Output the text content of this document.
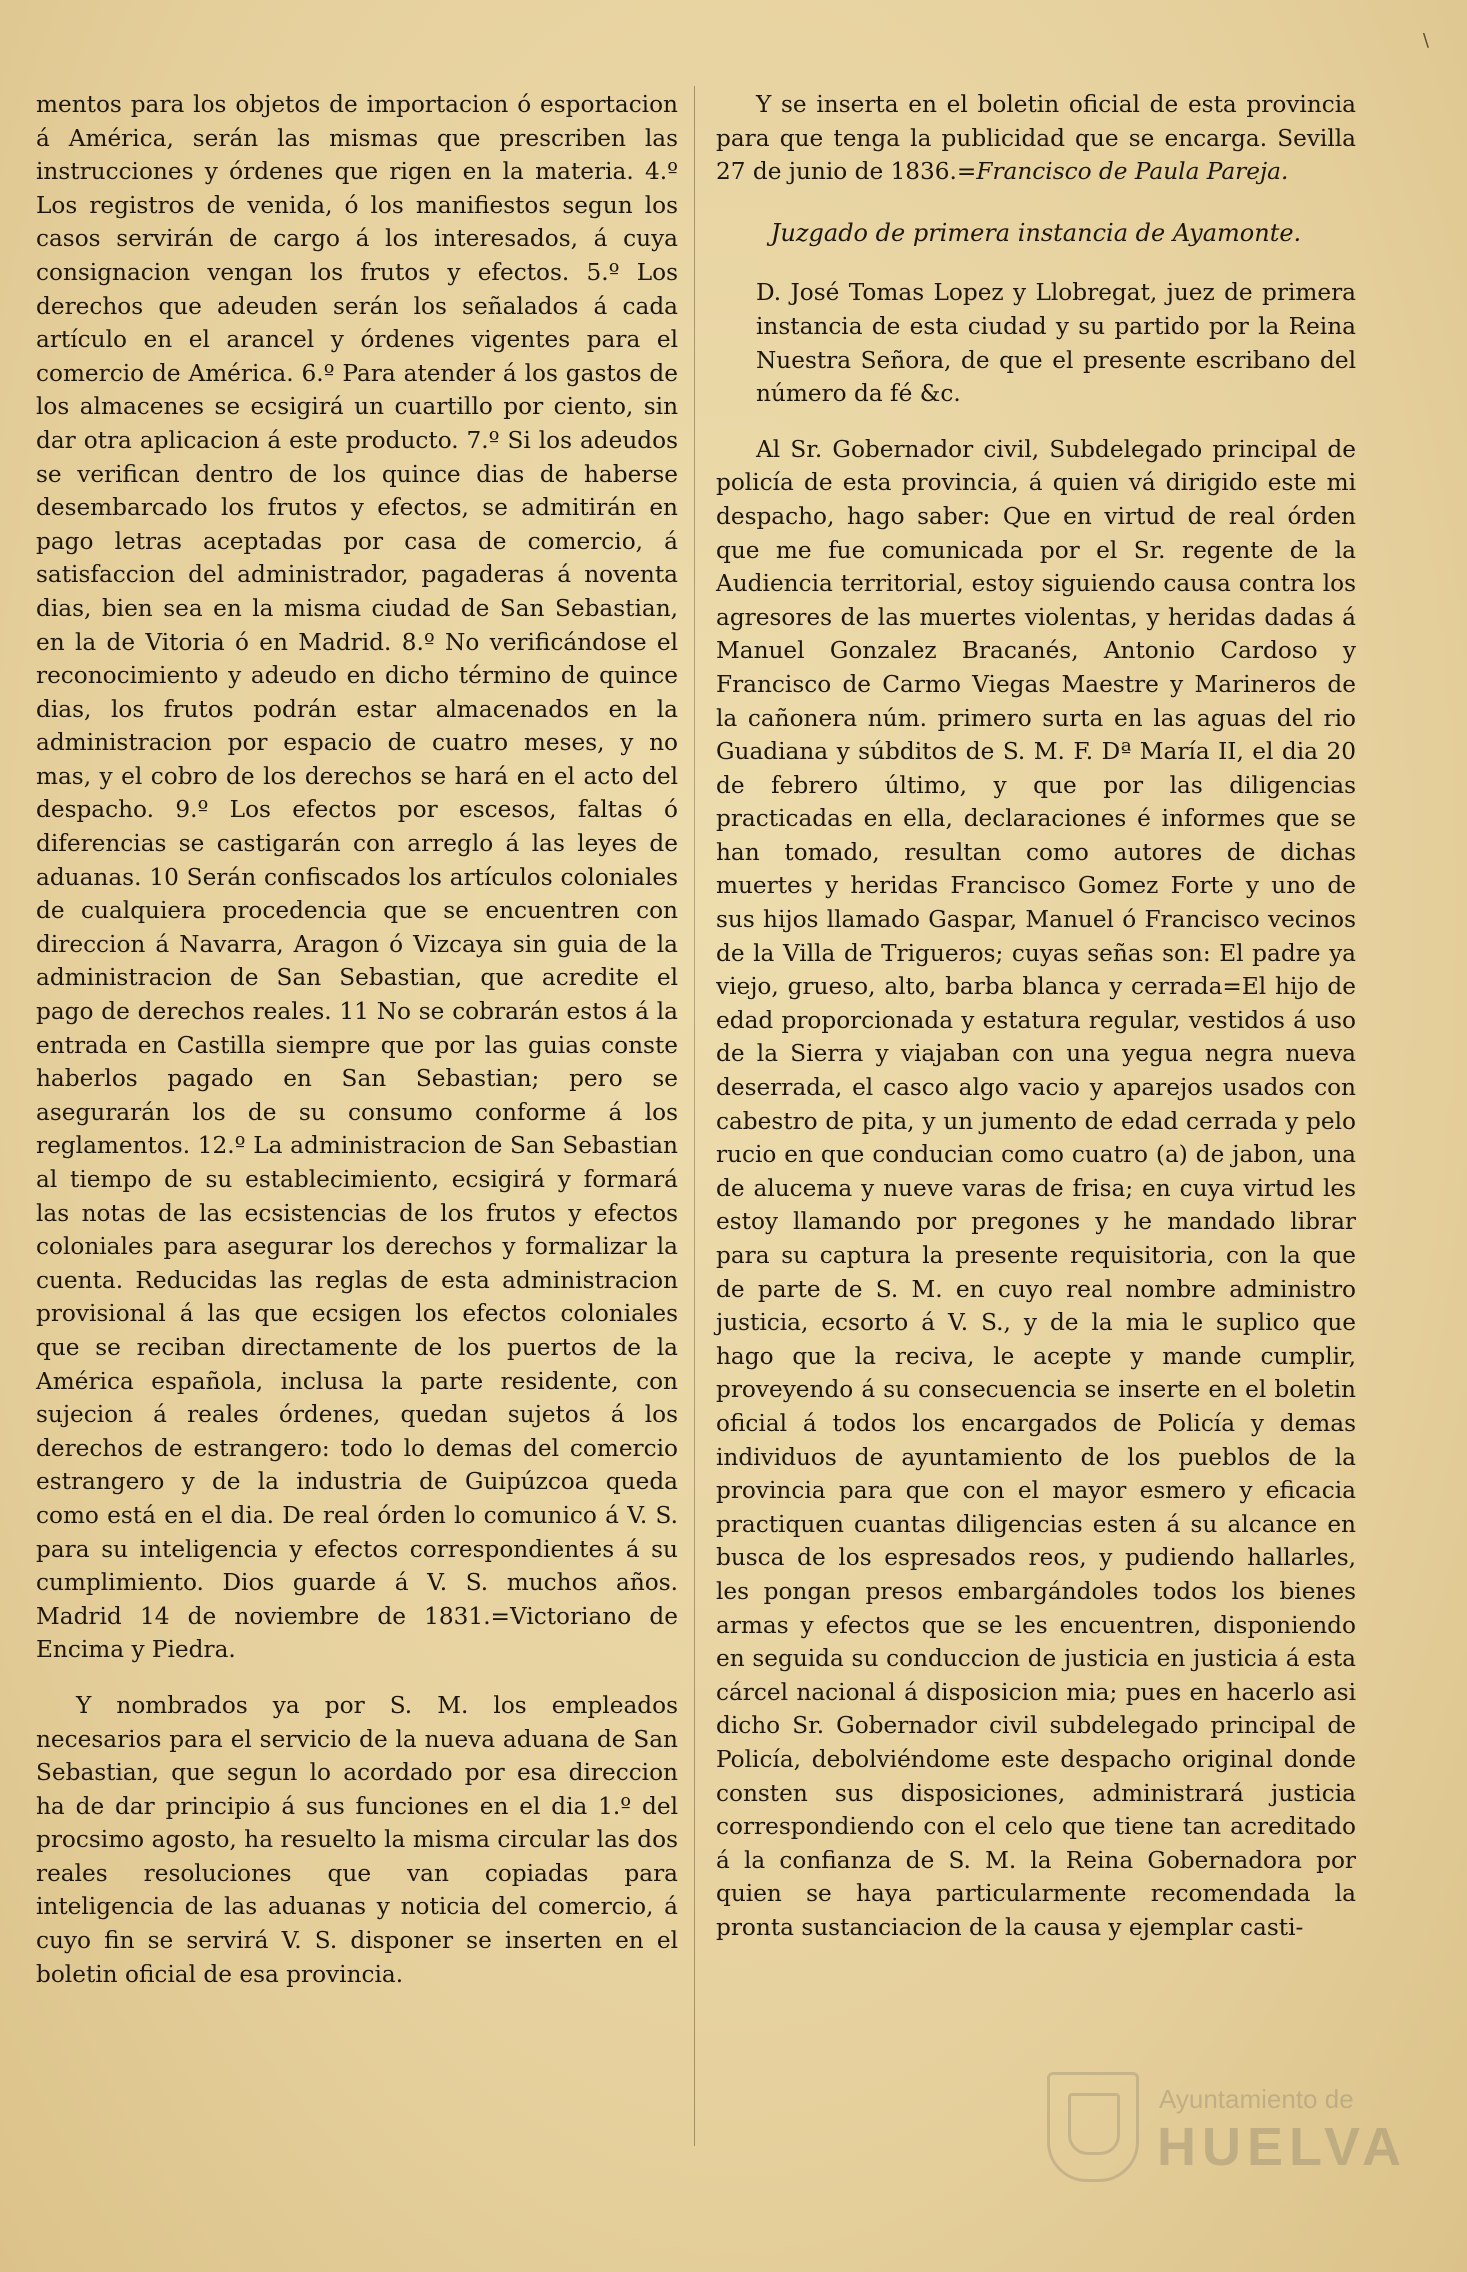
\

mentos para los objetos de importacion ó esportacion á América, serán las mismas que prescriben las instrucciones y órdenes que rigen en la materia. 4.º Los registros de venida, ó los manifiestos segun los casos servirán de cargo á los interesados, á cuya consignacion vengan los frutos y efectos. 5.º Los derechos que adeuden serán los señalados á cada artículo en el arancel y órdenes vigentes para el comercio de América. 6.º Para atender á los gastos de los almacenes se ecsigirá un cuartillo por ciento, sin dar otra aplicacion á este producto. 7.º Si los adeudos se verifican dentro de los quince dias de haberse desembarcado los frutos y efectos, se admitirán en pago letras aceptadas por casa de comercio, á satisfaccion del administrador, pagaderas á noventa dias, bien sea en la misma ciudad de San Sebastian, en la de Vitoria ó en Madrid. 8.º No verificándose el reconocimiento y adeudo en dicho término de quince dias, los frutos podrán estar almacenados en la administracion por espacio de cuatro meses, y no mas, y el cobro de los derechos se hará en el acto del despacho. 9.º Los efectos por escesos, faltas ó diferencias se castigarán con arreglo á las leyes de aduanas. 10 Serán confiscados los artículos coloniales de cualquiera procedencia que se encuentren con direccion á Navarra, Aragon ó Vizcaya sin guia de la administracion de San Sebastian, que acredite el pago de derechos reales. 11 No se cobrarán estos á la entrada en Castilla siempre que por las guias conste haberlos pagado en San Sebastian; pero se asegurarán los de su consumo conforme á los reglamentos. 12.º La administracion de San Sebastian al tiempo de su establecimiento, ecsigirá y formará las notas de las ecsistencias de los frutos y efectos coloniales para asegurar los derechos y formalizar la cuenta. Reducidas las reglas de esta administracion provisional á las que ecsigen los efectos coloniales que se reciban directamente de los puertos de la América española, inclusa la parte residente, con sujecion á reales órdenes, quedan sujetos á los derechos de estrangero: todo lo demas del comercio estrangero y de la industria de Guipúzcoa queda como está en el dia. De real órden lo comunico á V. S. para su inteligencia y efectos correspondientes á su cumplimiento. Dios guarde á V. S. muchos años. Madrid 14 de noviembre de 1831.=Victoriano de Encima y Piedra.

Y nombrados ya por S. M. los empleados necesarios para el servicio de la nueva aduana de San Sebastian, que segun lo acordado por esa direccion ha de dar principio á sus funciones en el dia 1.º del procsimo agosto, ha resuelto la misma circular las dos reales resoluciones que van copiadas para inteligencia de las aduanas y noticia del comercio, á cuyo fin se servirá V. S. disponer se inserten en el boletin oficial de esa provincia.

Y se inserta en el boletin oficial de esta provincia para que tenga la publicidad que se encarga. Sevilla 27 de junio de 1836.=Francisco de Paula Pareja.

Juzgado de primera instancia de Ayamonte.

D. José Tomas Lopez y Llobregat, juez de primera instancia de esta ciudad y su partido por la Reina Nuestra Señora, de que el presente escribano del número da fé &c.

Al Sr. Gobernador civil, Subdelegado principal de policía de esta provincia, á quien vá dirigido este mi despacho, hago saber: Que en virtud de real órden que me fue comunicada por el Sr. regente de la Audiencia territorial, estoy siguiendo causa contra los agresores de las muertes violentas, y heridas dadas á Manuel Gonzalez Bracanés, Antonio Cardoso y Francisco de Carmo Viegas Maestre y Marineros de la cañonera núm. primero surta en las aguas del rio Guadiana y súbditos de S. M. F. Dª María II, el dia 20 de febrero último, y que por las diligencias practicadas en ella, declaraciones é informes que se han tomado, resultan como autores de dichas muertes y heridas Francisco Gomez Forte y uno de sus hijos llamado Gaspar, Manuel ó Francisco vecinos de la Villa de Trigueros; cuyas señas son: El padre ya viejo, grueso, alto, barba blanca y cerrada=El hijo de edad proporcionada y estatura regular, vestidos á uso de la Sierra y viajaban con una yegua negra nueva deserrada, el casco algo vacio y aparejos usados con cabestro de pita, y un jumento de edad cerrada y pelo rucio en que conducian como cuatro (a) de jabon, una de alucema y nueve varas de frisa; en cuya virtud les estoy llamando por pregones y he mandado librar para su captura la presente requisitoria, con la que de parte de S. M. en cuyo real nombre administro justicia, ecsorto á V. S., y de la mia le suplico que hago que la reciva, le acepte y mande cumplir, proveyendo á su consecuencia se inserte en el boletin oficial á todos los encargados de Policía y demas individuos de ayuntamiento de los pueblos de la provincia para que con el mayor esmero y eficacia practiquen cuantas diligencias esten á su alcance en busca de los espresados reos, y pudiendo hallarles, les pongan presos embargándoles todos los bienes armas y efectos que se les encuentren, disponiendo en seguida su conduccion de justicia en justicia á esta cárcel nacional á disposicion mia; pues en hacerlo asi dicho Sr. Gobernador civil subdelegado principal de Policía, debolviéndome este despacho original donde consten sus disposiciones, administrará justicia correspondiendo con el celo que tiene tan acreditado á la confianza de S. M. la Reina Gobernadora por quien se haya particularmente recomendada la pronta sustanciacion de la causa y ejemplar casti-

Ayuntamiento de
HUELVA
